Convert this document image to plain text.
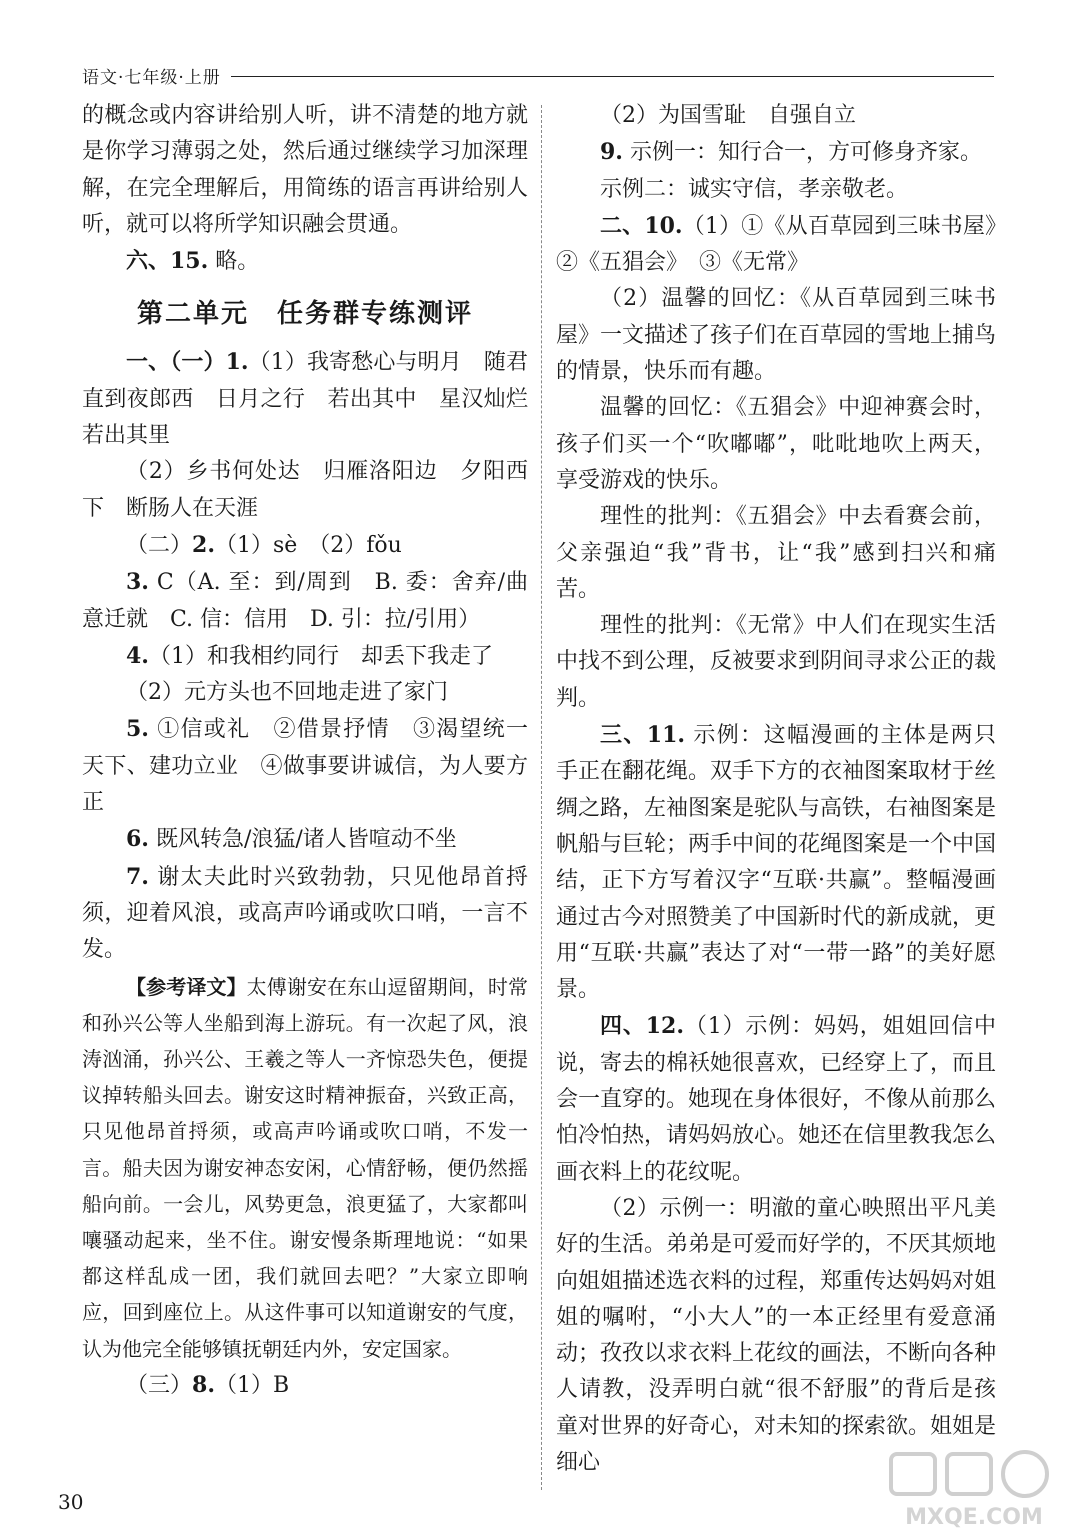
语文·七年级·上册

的概念或内容讲给别人听，讲不清楚的地方就是你学习薄弱之处，然后通过继续学习加深理解，在完全理解后，用简练的语言再讲给别人听，就可以将所学知识融会贯通。

六、15. 略。

第二单元　任务群专练测评

一、（一）1.（1）我寄愁心与明月　随君直到夜郎西　日月之行　若出其中　星汉灿烂　若出其里

（2）乡书何处达　归雁洛阳边　夕阳西下　断肠人在天涯

（二）2.（1）sè　（2）fǒu

3. C（A. 至：到/周到　B. 委：舍弃/曲意迁就　C. 信：信用　D. 引：拉/引用）

4.（1）和我相约同行　却丢下我走了

（2）元方头也不回地走进了家门

5. ①信或礼　②借景抒情　③渴望统一天下、建功立业　④做事要讲诚信，为人要方正

6. 既风转急/浪猛/诸人皆喧动不坐

7. 谢太夫此时兴致勃勃，只见他昂首捋须，迎着风浪，或高声吟诵或吹口哨，一言不发。

【参考译文】太傅谢安在东山逗留期间，时常和孙兴公等人坐船到海上游玩。有一次起了风，浪涛汹涌，孙兴公、王羲之等人一齐惊恐失色，便提议掉转船头回去。谢安这时精神振奋，兴致正高，只见他昂首捋须，或高声吟诵或吹口哨，不发一言。船夫因为谢安神态安闲，心情舒畅，便仍然摇船向前。一会儿，风势更急，浪更猛了，大家都叫嚷骚动起来，坐不住。谢安慢条斯理地说：“如果都这样乱成一团，我们就回去吧？”大家立即响应，回到座位上。从这件事可以知道谢安的气度，认为他完全能够镇抚朝廷内外，安定国家。

（三）8.（1）B

（2）为国雪耻　自强自立

9. 示例一：知行合一，方可修身齐家。

示例二：诚实守信，孝亲敬老。

二、10.（1）①《从百草园到三味书屋》　②《五猖会》　③《无常》

（2）温馨的回忆：《从百草园到三味书屋》一文描述了孩子们在百草园的雪地上捕鸟的情景，快乐而有趣。

温馨的回忆：《五猖会》中迎神赛会时，孩子们买一个“吹嘟嘟”，吡吡地吹上两天，享受游戏的快乐。

理性的批判：《五猖会》中去看赛会前，父亲强迫“我”背书，让“我”感到扫兴和痛苦。

理性的批判：《无常》中人们在现实生活中找不到公理，反被要求到阴间寻求公正的裁判。

三、11. 示例：这幅漫画的主体是两只手正在翻花绳。双手下方的衣袖图案取材于丝绸之路，左袖图案是驼队与高铁，右袖图案是帆船与巨轮；两手中间的花绳图案是一个中国结，正下方写着汉字“互联·共赢”。整幅漫画通过古今对照赞美了中国新时代的新成就，更用“互联·共赢”表达了对“一带一路”的美好愿景。

四、12.（1）示例：妈妈，姐姐回信中说，寄去的棉袄她很喜欢，已经穿上了，而且会一直穿的。她现在身体很好，不像从前那么怕冷怕热，请妈妈放心。她还在信里教我怎么画衣料上的花纹呢。

（2）示例一：明澈的童心映照出平凡美好的生活。弟弟是可爱而好学的，不厌其烦地向姐姐描述选衣料的过程，郑重传达妈妈对姐姐的嘱咐，“小大人”的一本正经里有爱意涌动；孜孜以求衣料上花纹的画法，不断向各种人请教，没弄明白就“很不舒服”的背后是孩童对世界的好奇心，对未知的探索欲。姐姐是细心

30
MXQE.COM
